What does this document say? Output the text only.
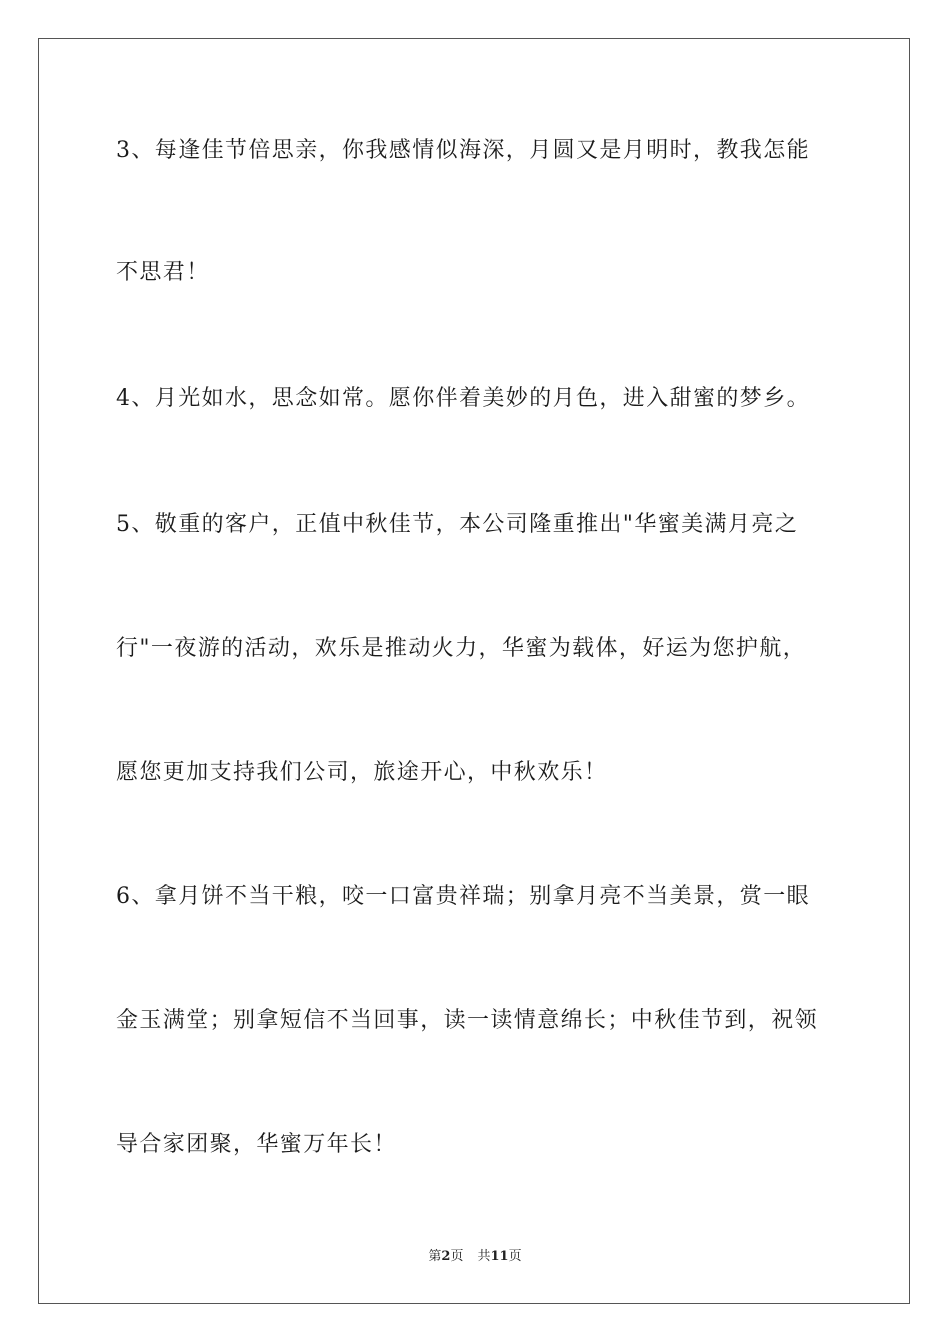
3、每逢佳节倍思亲，你我感情似海深，月圆又是月明时，教我怎能
不思君！
4、月光如水，思念如常。愿你伴着美妙的月色，进入甜蜜的梦乡。
5、敬重的客户，正值中秋佳节，本公司隆重推出"华蜜美满月亮之
行"一夜游的活动，欢乐是推动火力，华蜜为载体，好运为您护航，
愿您更加支持我们公司，旅途开心，中秋欢乐！
6、拿月饼不当干粮，咬一口富贵祥瑞；别拿月亮不当美景，赏一眼
金玉满堂；别拿短信不当回事，读一读情意绵长；中秋佳节到，祝领
导合家团聚，华蜜万年长！
第2页 共11页
